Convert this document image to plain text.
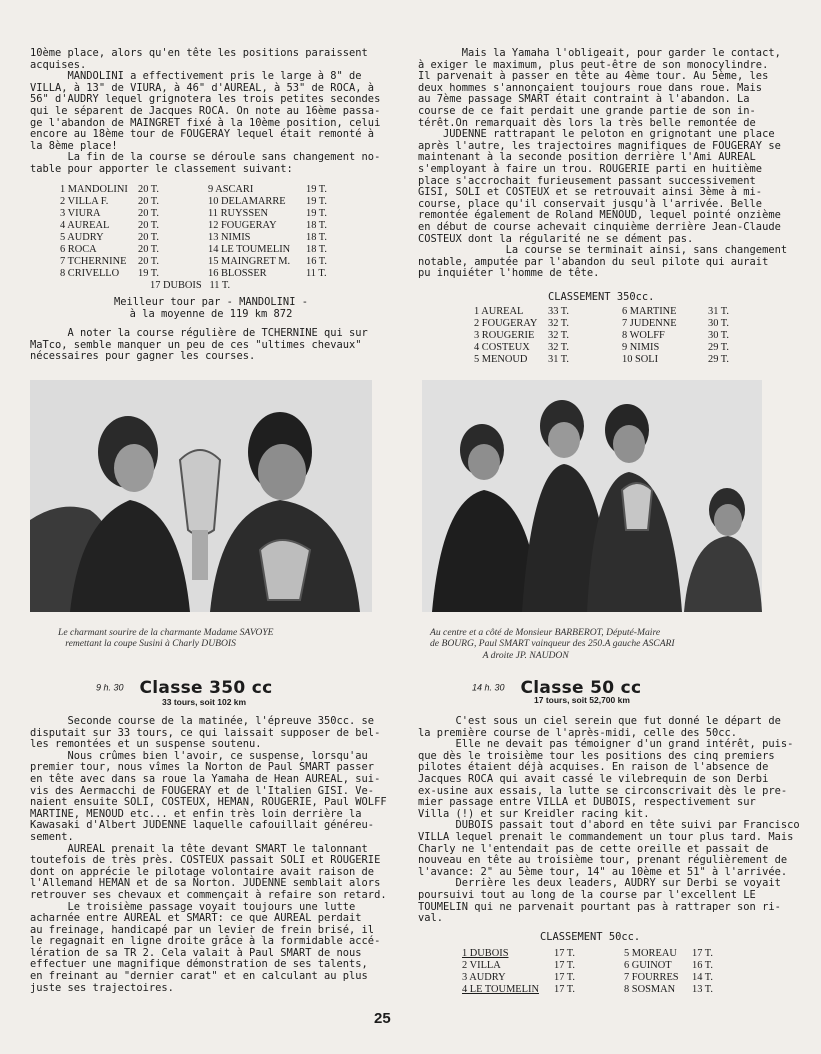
10ème place, alors qu'en tête les positions paraissent
acquises.
MANDOLINI a effectivement pris le large à 8" de
VILLA, à 13" de VIURA, à 46" d'AUREAL, à 53" de ROCA, à
56" d'AUDRY lequel grignotera les trois petites secondes
qui le séparent de Jacques ROCA. On note au 16ème passa-
ge l'abandon de MAINGRET fixé à la 10ème position, celui
encore au 18ème tour de FOUGERAY lequel était remonté à
la 8ème place!
La fin de la course se déroule sans changement no-
table pour apporter le classement suivant:
1 MANDOLINI 20 T.	9 ASCARI	19 T.
2 VILLA F.	20 T.	10 DELAMARRE 19 T.
3 VIURA	20 T.	11 RUYSSEN	19 T.
4 AUREAL	20 T.	12 FOUGERAY	18 T.
5 AUDRY	20 T.	13 NIMIS	18 T.
6 ROCA	20 T.	14 LE TOUMELIN 18 T.
7 TCHERNINE 20 T.	15 MAINGRET M. 16 T.
8 CRIVELLO 19 T.	16 BLOSSER	11 T.
17 DUBOIS   11 T.
Meilleur tour par - MANDOLINI -
à la moyenne de 119 km 872
A noter la course régulière de TCHERNINE qui sur
MaTco, semble manquer un peu de ces "ultimes chevaux"
nécessaires pour gagner les courses.
Mais la Yamaha l'obligeait, pour garder le contact,
à exiger le maximum, plus peut-être de son monocylindre.
Il parvenait à passer en tête au 4ème tour. Au 5ème, les
deux hommes s'annonçaient toujours roue dans roue. Mais
au 7ème passage SMART était contraint à l'abandon. La
course de ce fait perdait une grande partie de son in-
térêt.On remarquait dès lors la très belle remontée de
JUDENNE rattrapant le peloton en grignotant une place
après l'autre, les trajectoires magnifiques de FOUGERAY se
maintenant à la seconde position derrière l'Ami AUREAL
s'employant à faire un trou. ROUGERIE parti en huitième
place s'accrochait furieusement passant successivement
GISI, SOLI et COSTEUX et se retrouvait ainsi 3ème à mi-
course, place qu'il conservait jusqu'à l'arrivée. Belle
remontée également de Roland MENOUD, lequel pointé onzième
en début de course achevait cinquième derrière Jean-Claude
COSTEUX dont la régularité ne se dément pas.
La course se terminait ainsi, sans changement
notable, amputée par l'abandon du seul pilote qui aurait
pu inquiéter l'homme de tête.
CLASSEMENT 350cc.
1 AUREAL 33 T.	6 MARTINE	31 T.
2 FOUGERAY 32 T.	7 JUDENNE	30 T.
3 ROUGERIE 32 T.	8 WOLFF	30 T.
4 COSTEUX 32 T.	9 NIMIS	29 T.
5 MENOUD 31 T.	10 SOLI	29 T.
Le charmant sourire de la charmante Madame SAVOYE
remettant la coupe Susini à Charly DUBOIS
Au centre et a côté de Monsieur BARBEROT, Député-Maire
de BOURG, Paul SMART vainqueur des 250.A gauche ASCARI
A droite JP. NAUDON
9 h. 30 Classe 350 cc
33 tours, soit 102 km
14 h. 30 Classe 50 cc
17 tours, soit 52,700 km
Seconde course de la matinée, l'épreuve 350cc. se
disputait sur 33 tours, ce qui laissait supposer de bel-
les remontées et un suspense soutenu.
Nous crûmes bien l'avoir, ce suspense, lorsqu'au
premier tour, nous vîmes la Norton de Paul SMART passer
en tête avec dans sa roue la Yamaha de Hean AUREAL, sui-
vis des Aermacchi de FOUGERAY et de l'Italien GISI. Ve-
naient ensuite SOLI, COSTEUX, HEMAN, ROUGERIE, Paul WOLFF
MARTINE, MENOUD etc... et enfin très loin derrière la
Kawasaki d'Albert JUDENNE laquelle cafouillait généreu-
sement.
AUREAL prenait la tête devant SMART le talonnant
toutefois de très près. COSTEUX passait SOLI et ROUGERIE
dont on apprécie le pilotage volontaire avait raison de
l'Allemand HEMAN et de sa Norton. JUDENNE semblait alors
retrouver ses chevaux et commençait à refaire son retard.
Le troisième passage voyait toujours une lutte
acharnée entre AUREAL et SMART: ce que AUREAL perdait
au freinage, handicapé par un levier de frein brisé, il
le regagnait en ligne droite grâce à la formidable accé-
lération de sa TR 2. Cela valait à Paul SMART de nous
effectuer une magnifique démonstration de ses talents,
en freinant au "dernier carat" et en calculant au plus
juste ses trajectoires.
C'est sous un ciel serein que fut donné le départ de
la première course de l'après-midi, celle des 50cc.
Elle ne devait pas témoigner d'un grand intérêt, puis-
que dès le troisième tour les positions des cinq premiers
pilotes étaient déjà acquises. En raison de l'absence de
Jacques ROCA qui avait cassé le vilebrequin de son Derbi
ex-usine aux essais, la lutte se circonscrivait dès le pre-
mier passage entre VILLA et DUBOIS, respectivement sur
Villa (!) et sur Kreidler racing kit.
DUBOIS passait tout d'abord en tête suivi par Francisco
VILLA lequel prenait le commandement un tour plus tard. Mais
Charly ne l'entendait pas de cette oreille et passait de
nouveau en tête au troisième tour, prenant régulièrement de
l'avance: 2" au 5ème tour, 14" au 10ème et 51" à l'arrivée.
Derrière les deux leaders, AUDRY sur Derbi se voyait
poursuivi tout au long de la course par l'excellent LE
TOUMELIN qui ne parvenait pourtant pas à rattraper son ri-
val.
CLASSEMENT 50cc.
1 DUBOIS	17 T.	5 MOREAU 17 T.
2 VILLA	17 T.	6 GUINOT 16 T.
3 AUDRY	17 T.	7 FOURRES 14 T.
4 LE TOUMELIN 17 T.	8 SOSMAN 13 T.
25
